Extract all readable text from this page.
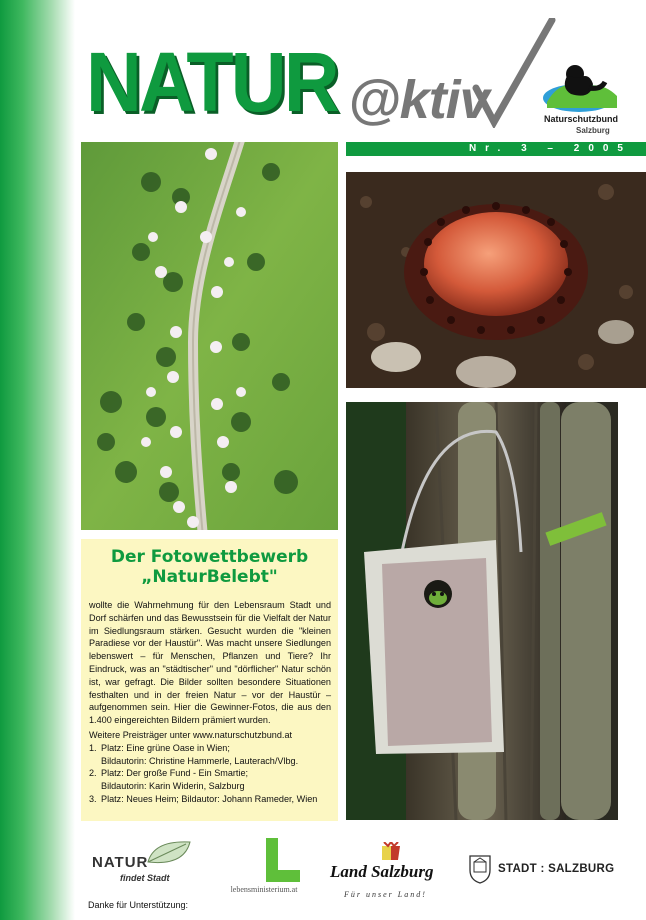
NATUR @ktiv	Naturschutzbund
Salzburg
Nr. 3 – 2005
Der Fotowettbewerb
„NaturBelebt"
wollte die Wahrnehmung für den Lebensraum Stadt und Dorf schärfen und das Bewusstsein für die Vielfalt der Natur im Siedlungsraum stärken. Gesucht wurden die "kleinen Paradiese vor der Haustür". Was macht unsere Siedlungen lebenswert – für Menschen, Pflanzen und Tiere? Ihr Eindruck, was an "städtischer" und "dörflicher" Natur schön ist, war gefragt. Die Bilder sollten besondere Situationen festhalten und in der freien Natur – vor der Haustür – aufgenommen sein. Hier die Gewinner-Fotos, die aus den 1.400 eingereichten Bildern prämiert wurden.
Weitere Preisträger unter www.naturschutzbund.at
1. Platz: Eine grüne Oase in Wien;
Bildautorin: Christine Hammerle, Lauterach/Vlbg.
2. Platz: Der große Fund - Ein Smartie;
Bildautorin: Karin Widerin, Salzburg
3. Platz: Neues Heim; Bildautor: Johann Rameder, Wien
NATUR
findet Stadt
Danke für Unterstützung:
lebensministerium.at
Land Salzburg
Für unser Land!
STADT : SALZBURG
